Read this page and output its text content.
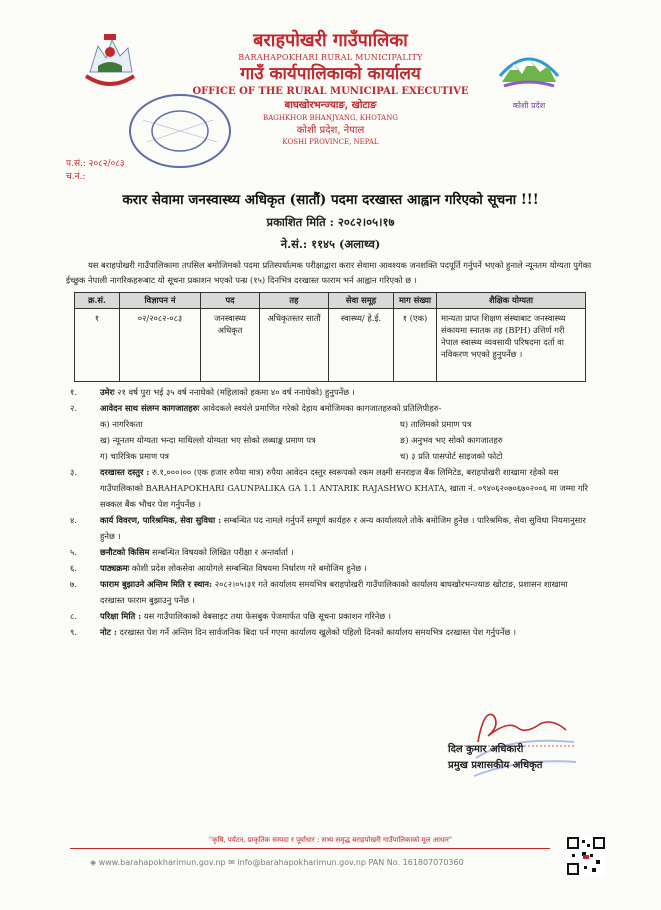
कोशी प्रदेश
बराहपोखरी गाउँपालिका
BARAHAPOKHARI RURAL MUNICIPALITY
गाउँ कार्यपालिकाको कार्यालय
OFFICE OF THE RURAL MUNICIPAL EXECUTIVE
बाघखोरभन्ज्याङ, खोटाङ
BAGHKHOR BHANJYANG, KHOTANG
कोशी प्रदेश, नेपाल
KOSHI PROVINCE, NEPAL
प.सं.: २०८२/०८३
च.नं.:
करार सेवामा जनस्वास्थ्य अधिकृत (सातौं) पदमा दरखास्त आह्वान गरिएको सूचना !!!
प्रकाशित मिति : २०८२।०५।१७
ने.सं.: ११४५ (अलाथ्व)
यस बराहपोखरी गाउँपालिकामा तपसिल बमोजिमको पदमा प्रतिस्पर्धात्मक परीक्षाद्वारा करार सेवामा आवश्यक जनशक्ति पदपूर्ति गर्नुपर्ने भएको हुनाले न्यूनतम योग्यता पुगेका ईच्छुक नेपाली नागरिकहरूबाट यो सूचना प्रकाशन भएको पन्ध्र (१५) दिनभित्र दरखास्त फाराम भर्न आह्वान गरिएको छ ।
क्र.सं.	विज्ञापन नं	पद	तह	सेवा समूह	माग संख्या	शैक्षिक योग्यता
१	०२/२०८२-०८३	जनस्वास्थ्य अधिकृत	अधिकृतस्तर सातौं	स्वास्थ्य/ हे.ई.	१ (एक)	मान्यता प्राप्त शिक्षण संस्थाबाट जनस्वास्थ्य संकायमा स्नातक तह (BPH) उत्तिर्ण गरी नेपाल स्वास्थ्य व्यवसायी परिषदमा दर्ता वा नविकरण भएको हुनुपर्नेछ ।
१.	उमेरः २१ वर्ष पुरा भई ३५ वर्ष ननाघेको (महिलाको हकमा ४० वर्ष ननाघेको) हुनुपर्नेछ ।
२.	आवेदन साथ संलग्न कागजातहरुः आवेदकले स्वयंले प्रमाणित गरेको देहाय बमोजिमका कागजातहरुको प्रतिलिपीहरु-
क) नागरिकता
ख) न्यूनतम योग्यता भन्दा माथिल्लो योग्यता भए सोको लब्धाङ्क प्रमाण पत्र
ग) चारित्रिक प्रमाण पत्र
घ) तालिमको प्रमाण पत्र
ङ) अनुभव भए सोको कागजातहरु
च) ३ प्रति पासपोर्ट साइजको फोटो
३.	दरखास्त दस्तुर : रु.१,०००।०० (एक हजार रुपैया मात्र) रुपैया आवेदन दस्तुर स्वरूपको रकम लक्ष्मी सनराइज बैंक लिमिटेड, बराहपोखरी शाखामा रहेको यस गाउँपालिकाको BARAHAPOKHARI GAUNPALIKA GA 1.1 ANTARIK RAJASHWO KHATA, खाता नं. ०९४०६२०७०६७०२००६ मा जम्मा गरि सक्कल बैंक भौचर पेश गर्नुपर्नेछ ।
४.	कार्य विवरण, पारिश्रमिक, सेवा सुविधा : सम्बन्धित पद नामले गर्नुपर्ने सम्पूर्ण कार्यहरु र अन्य कार्यालयले तोके बमोजिम हुनेछ । पारिश्रमिक, सेवा सुविधा नियमानुसार हुनेछ ।
५.	छनौटको किसिम सम्बन्धित विषयको लिखित परीक्षा र अन्तर्वार्ता ।
६.	पाठ्यक्रमः कोशी प्रदेश लोकसेवा आयोगले सम्बन्धित विषयमा निर्धारण गरे बमोजिम हुनेछ ।
७.	फाराम बुझाउने अन्तिम मिति र स्थान: २०८२।०५।३१ गते कार्यालय समयभित्र बराहपोखरी गाउँपालिकाको कार्यालय बाघखोरभन्ज्याङ खोटाङ, प्रशासन शाखामा दरखास्त फाराम बुझाउनु पर्नेछ ।
८.	परिक्षा मिति : यस गाउँपालिकाको वेबसाइट तथा फेसबुक पेजमार्फत पछि सूचना प्रकाशन गरिनेछ ।
९.	नोट : दरखास्त पेश गर्ने अन्तिम दिन सार्वजनिक बिदा पर्न गएमा कार्यालय खुलेको पहिलो दिनको कार्यालय समयभित्र दरखास्त पेश गर्नुपर्नेछ ।
दिल कुमार अधिकारी
प्रमुख प्रशासकीय अधिकृत
"कृषि, पर्यटन, प्राकृतिक सम्पदा र पूर्वाधार : सभ्य समृद्ध बराहपोखरी गाउँपालिकाको मूल आधार"
◈ www.barahapokharimun.gov.np ✉ info@barahapokharimun.gov.np PAN No. 161807070360
